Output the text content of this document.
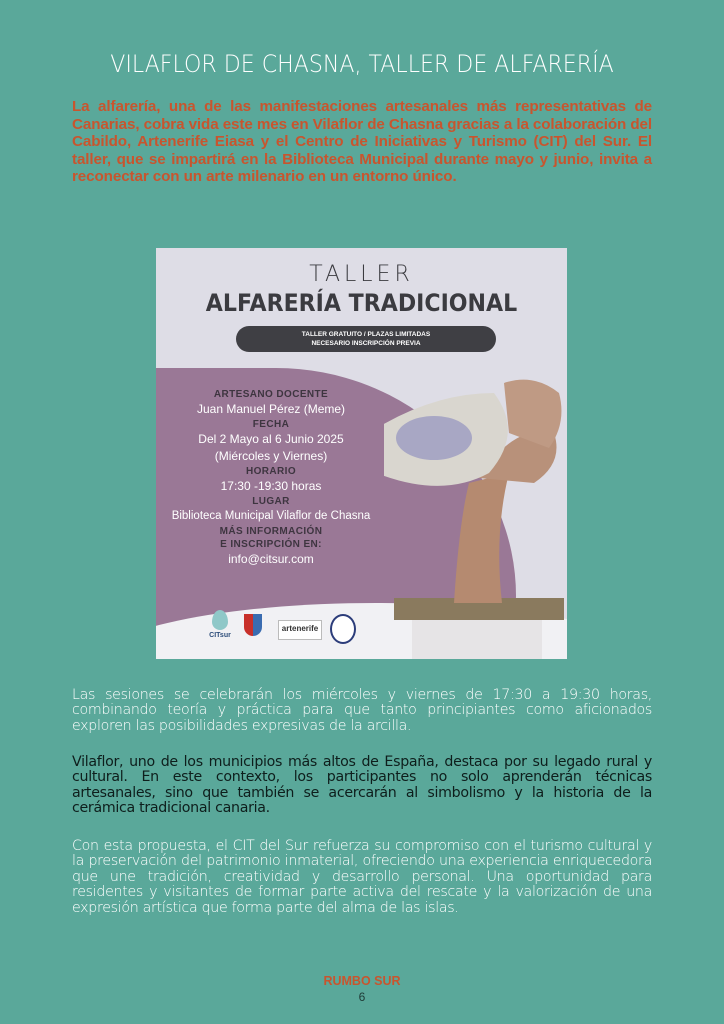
VILAFLOR DE CHASNA, TALLER DE ALFARERÍA
La alfarería, una de las manifestaciones artesanales más representativas de Canarias, cobra vida este mes en Vilaflor de Chasna gracias a la colaboración del Cabildo, Artenerife Eiasa y el Centro de Iniciativas y Turismo (CIT) del Sur. El taller, que se impartirá en la Biblioteca Municipal durante mayo y junio, invita a reconectar con un arte milenario en un entorno único.
TALLER
ALFARERÍA TRADICIONAL
TALLER GRATUITO / PLAZAS LIMITADAS
NECESARIO INSCRIPCIÓN PREVIA
ARTESANO DOCENTE
Juan Manuel Pérez (Meme)
FECHA
Del 2 Mayo al 6 Junio 2025
(Miércoles y Viernes)
HORARIO
17:30 -19:30 horas
LUGAR
Biblioteca Municipal Vilaflor de Chasna
MÁS INFORMACIÓN
E INSCRIPCIÓN EN:
info@citsur.com
CITsur
artenerife
Las sesiones se celebrarán los miércoles y viernes de 17:30 a 19:30 horas, combinando teoría y práctica para que tanto principiantes como aficionados exploren las posibilidades expresivas de la arcilla.
Vilaflor, uno de los municipios más altos de España, destaca por su legado rural y cultural. En este contexto, los participantes no solo aprenderán técnicas artesanales, sino que también se acercarán al simbolismo y la historia de la cerámica tradicional canaria.
Con esta propuesta, el CIT del Sur refuerza su compromiso con el turismo cultural y la preservación del patrimonio inmaterial, ofreciendo una experiencia enriquecedora que une tradición, creatividad y desarrollo personal. Una oportunidad para residentes y visitantes de formar parte activa del rescate y la valorización de una expresión artística que forma parte del alma de las islas.
RUMBO SUR
6
